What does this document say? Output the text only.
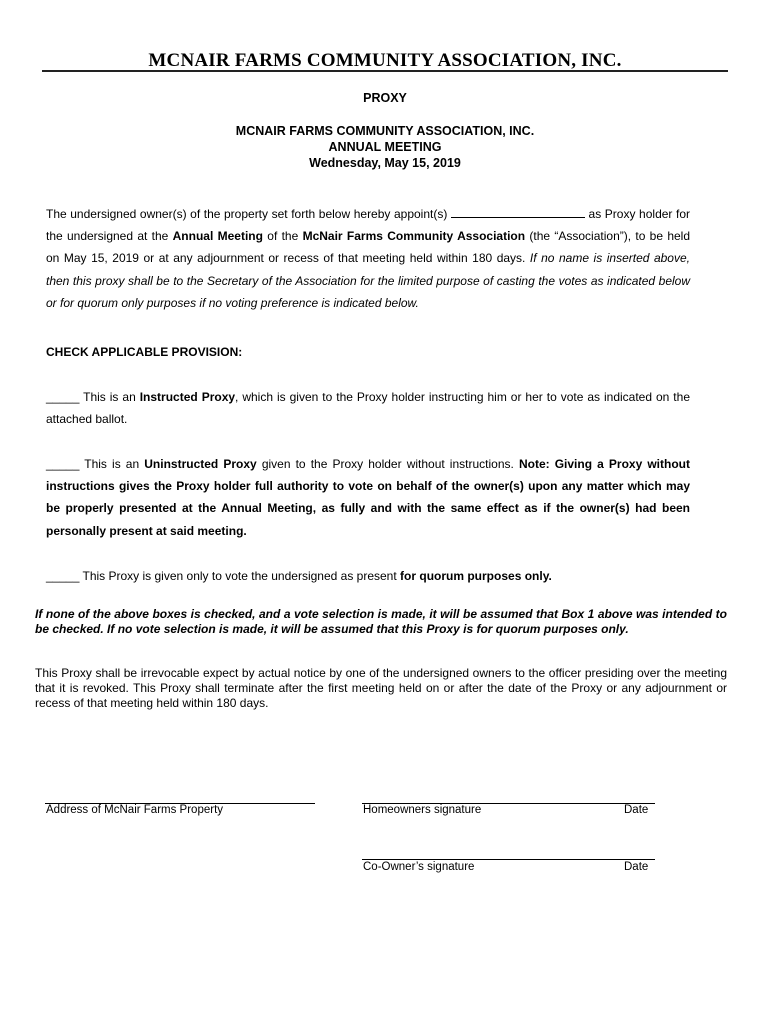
MCNAIR FARMS COMMUNITY ASSOCIATION, INC.
PROXY
MCNAIR FARMS COMMUNITY ASSOCIATION, INC.
ANNUAL MEETING
Wednesday, May 15, 2019
The undersigned owner(s) of the property set forth below hereby appoint(s)	as Proxy holder for the undersigned at the Annual Meeting of the McNair Farms Community Association (the “Association”), to be held on May 15, 2019 or at any adjournment or recess of that meeting held within 180 days. If no name is inserted above, then this proxy shall be to the Secretary of the Association for the limited purpose of casting the votes as indicated below or for quorum only purposes if no voting preference is indicated below.
CHECK APPLICABLE PROVISION:
_____ This is an Instructed Proxy, which is given to the Proxy holder instructing him or her to vote as indicated on the attached ballot.
_____ This is an Uninstructed Proxy given to the Proxy holder without instructions. Note: Giving a Proxy without instructions gives the Proxy holder full authority to vote on behalf of the owner(s) upon any matter which may be properly presented at the Annual Meeting, as fully and with the same effect as if the owner(s) had been personally present at said meeting.
_____ This Proxy is given only to vote the undersigned as present for quorum purposes only.
If none of the above boxes is checked, and a vote selection is made, it will be assumed that Box 1 above was intended to be checked. If no vote selection is made, it will be assumed that this Proxy is for quorum purposes only.
This Proxy shall be irrevocable expect by actual notice by one of the undersigned owners to the officer presiding over the meeting that it is revoked. This Proxy shall terminate after the first meeting held on or after the date of the Proxy or any adjournment or recess of that meeting held within 180 days.
Address of McNair Farms Property	Homeowners signature	Date
Co-Owner’s signature	Date
